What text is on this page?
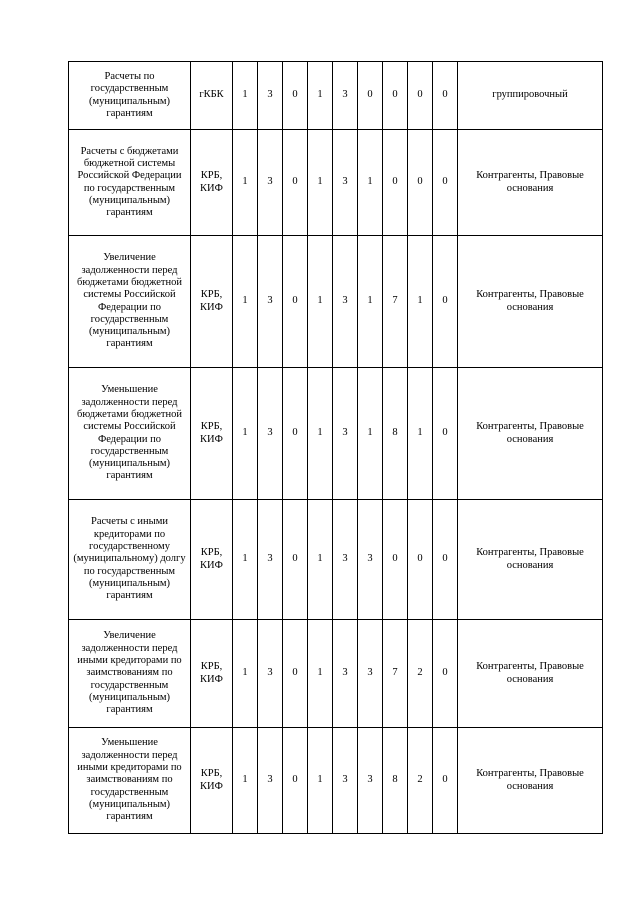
Расчеты по государственным (муниципальным) гарантиям	гКБК	1	3	0	1	3	0	0	0	0	группировочный
Расчеты с бюджетами бюджетной системы Российской Федерации по государственным (муниципальным) гарантиям	КРБ, КИФ	1	3	0	1	3	1	0	0	0	Контрагенты, Правовые основания
Увеличение задолженности перед бюджетами бюджетной системы Российской Федерации по государственным (муниципальным) гарантиям	КРБ, КИФ	1	3	0	1	3	1	7	1	0	Контрагенты, Правовые основания
Уменьшение задолженности перед бюджетами бюджетной системы Российской Федерации по государственным (муниципальным) гарантиям	КРБ, КИФ	1	3	0	1	3	1	8	1	0	Контрагенты, Правовые основания
Расчеты с иными кредиторами по государственному (муниципальному) долгу по государственным (муниципальным) гарантиям	КРБ, КИФ	1	3	0	1	3	3	0	0	0	Контрагенты, Правовые основания
Увеличение задолженности перед иными кредиторами по заимствованиям по государственным (муниципальным) гарантиям	КРБ, КИФ	1	3	0	1	3	3	7	2	0	Контрагенты, Правовые основания
Уменьшение задолженности перед иными кредиторами по заимствованиям по государственным (муниципальным) гарантиям	КРБ, КИФ	1	3	0	1	3	3	8	2	0	Контрагенты, Правовые основания
